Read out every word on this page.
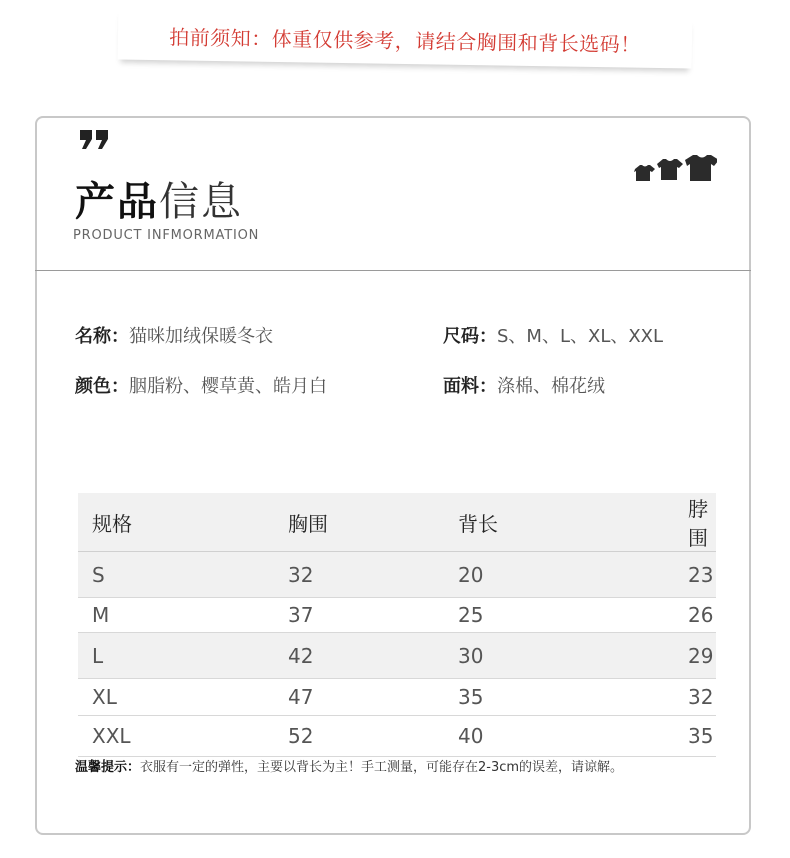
拍前须知：体重仅供参考，请结合胸围和背长选码！
产品信息
PRODUCT INFMORMATION
名称：猫咪加绒保暖冬衣	尺码：S、M、L、XL、XXL
颜色：胭脂粉、樱草黄、皓月白	面料：涤棉、棉花绒
规格	胸围	背长	脖围
S	32	20	23
M	37	25	26
L	42	30	29
XL	47	35	32
XXL	52	40	35
温馨提示：衣服有一定的弹性，主要以背长为主！手工测量，可能存在2-3cm的误差，请谅解。
